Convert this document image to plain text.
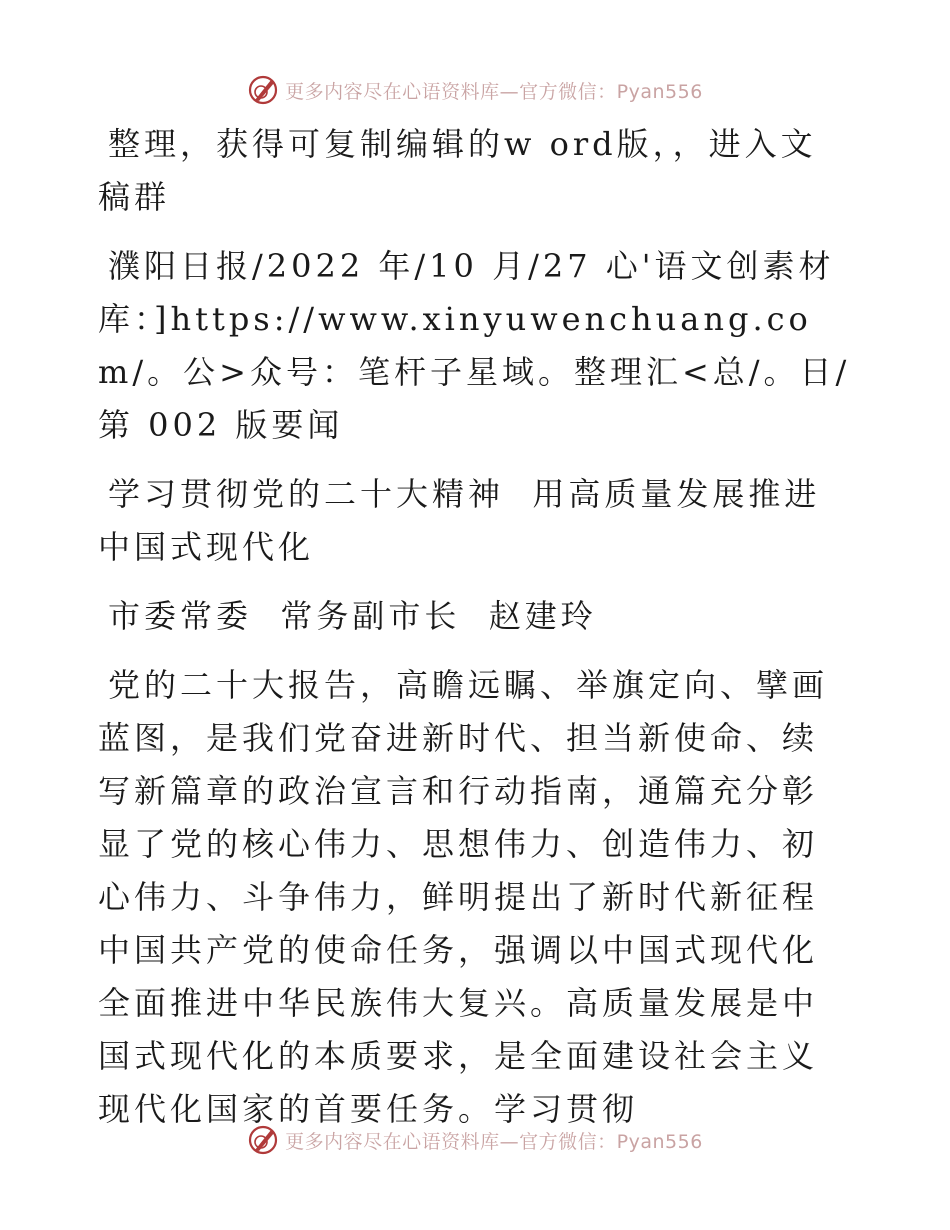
更多内容尽在心语资料库—官方微信：Pyan556

整理，获得可复制编辑的w ord版，，进入文稿群

濮阳日报/2022 年/10 月/27 心'语文创素材库：]https://www.xinyuwenchuang.com/。公>众号：笔杆子星域。整理汇<总/。日/第 002 版要闻

学习贯彻党的二十大精神  用高质量发展推进中国式现代化

市委常委  常务副市长  赵建玲

党的二十大报告，高瞻远瞩、举旗定向、擘画蓝图，是我们党奋进新时代、担当新使命、续写新篇章的政治宣言和行动指南，通篇充分彰显了党的核心伟力、思想伟力、创造伟力、初心伟力、斗争伟力，鲜明提出了新时代新征程中国共产党的使命任务，强调以中国式现代化全面推进中华民族伟大复兴。高质量发展是中国式现代化的本质要求，是全面建设社会主义现代化国家的首要任务。学习贯彻

更多内容尽在心语资料库—官方微信：Pyan556
